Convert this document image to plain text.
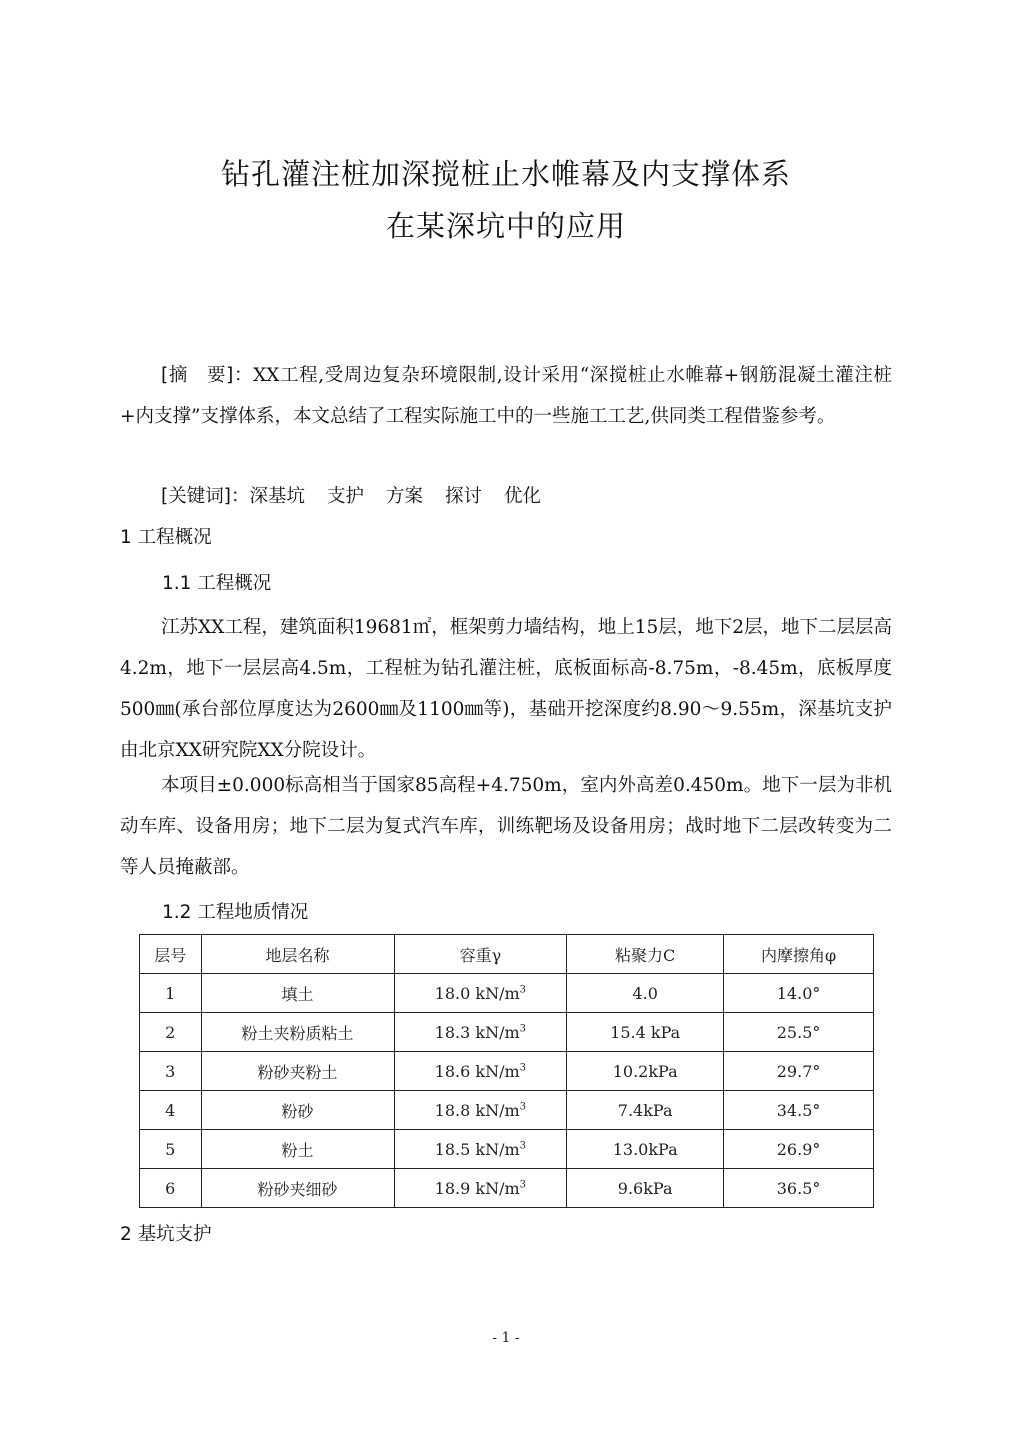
钻孔灌注桩加深搅桩止水帷幕及内支撑体系
在某深坑中的应用

[摘　要]：XX工程,受周边复杂环境限制,设计采用“深搅桩止水帷幕+钢筋混凝土灌注桩+内支撑”支撑体系，本文总结了工程实际施工中的一些施工工艺,供同类工程借鉴参考。

[关键词]：深基坑 支护 方案 探讨 优化

1 工程概况
1.1 工程概况

江苏XX工程，建筑面积19681㎡，框架剪力墙结构，地上15层，地下2层，地下二层层高4.2m，地下一层层高4.5m，工程桩为钻孔灌注桩，底板面标高-8.75m，-8.45m，底板厚度500㎜(承台部位厚度达为2600㎜及1100㎜等)，基础开挖深度约8.90～9.55m，深基坑支护由北京XX研究院XX分院设计。

本项目±0.000标高相当于国家85高程+4.750m，室内外高差0.450m。地下一层为非机动车库、设备用房；地下二层为复式汽车库，训练靶场及设备用房；战时地下二层改转变为二等人员掩蔽部。

1.2 工程地质情况
层号	地层名称	容重γ	粘聚力C	内摩擦角φ
1	填土	18.0 $kN/m^3$	4.0	14.0°
2	粉土夹粉质粘土	18.3 $kN/m^3$	15.4 kPa	25.5°
3	粉砂夹粉土	18.6 $kN/m^3$	10.2kPa	29.7°
4	粉砂	18.8 $kN/m^3$	7.4kPa	34.5°
5	粉土	18.5 $kN/m^3$	13.0kPa	26.9°
6	粉砂夹细砂	18.9 $kN/m^3$	9.6kPa	36.5°
2 基坑支护
- 1 -
